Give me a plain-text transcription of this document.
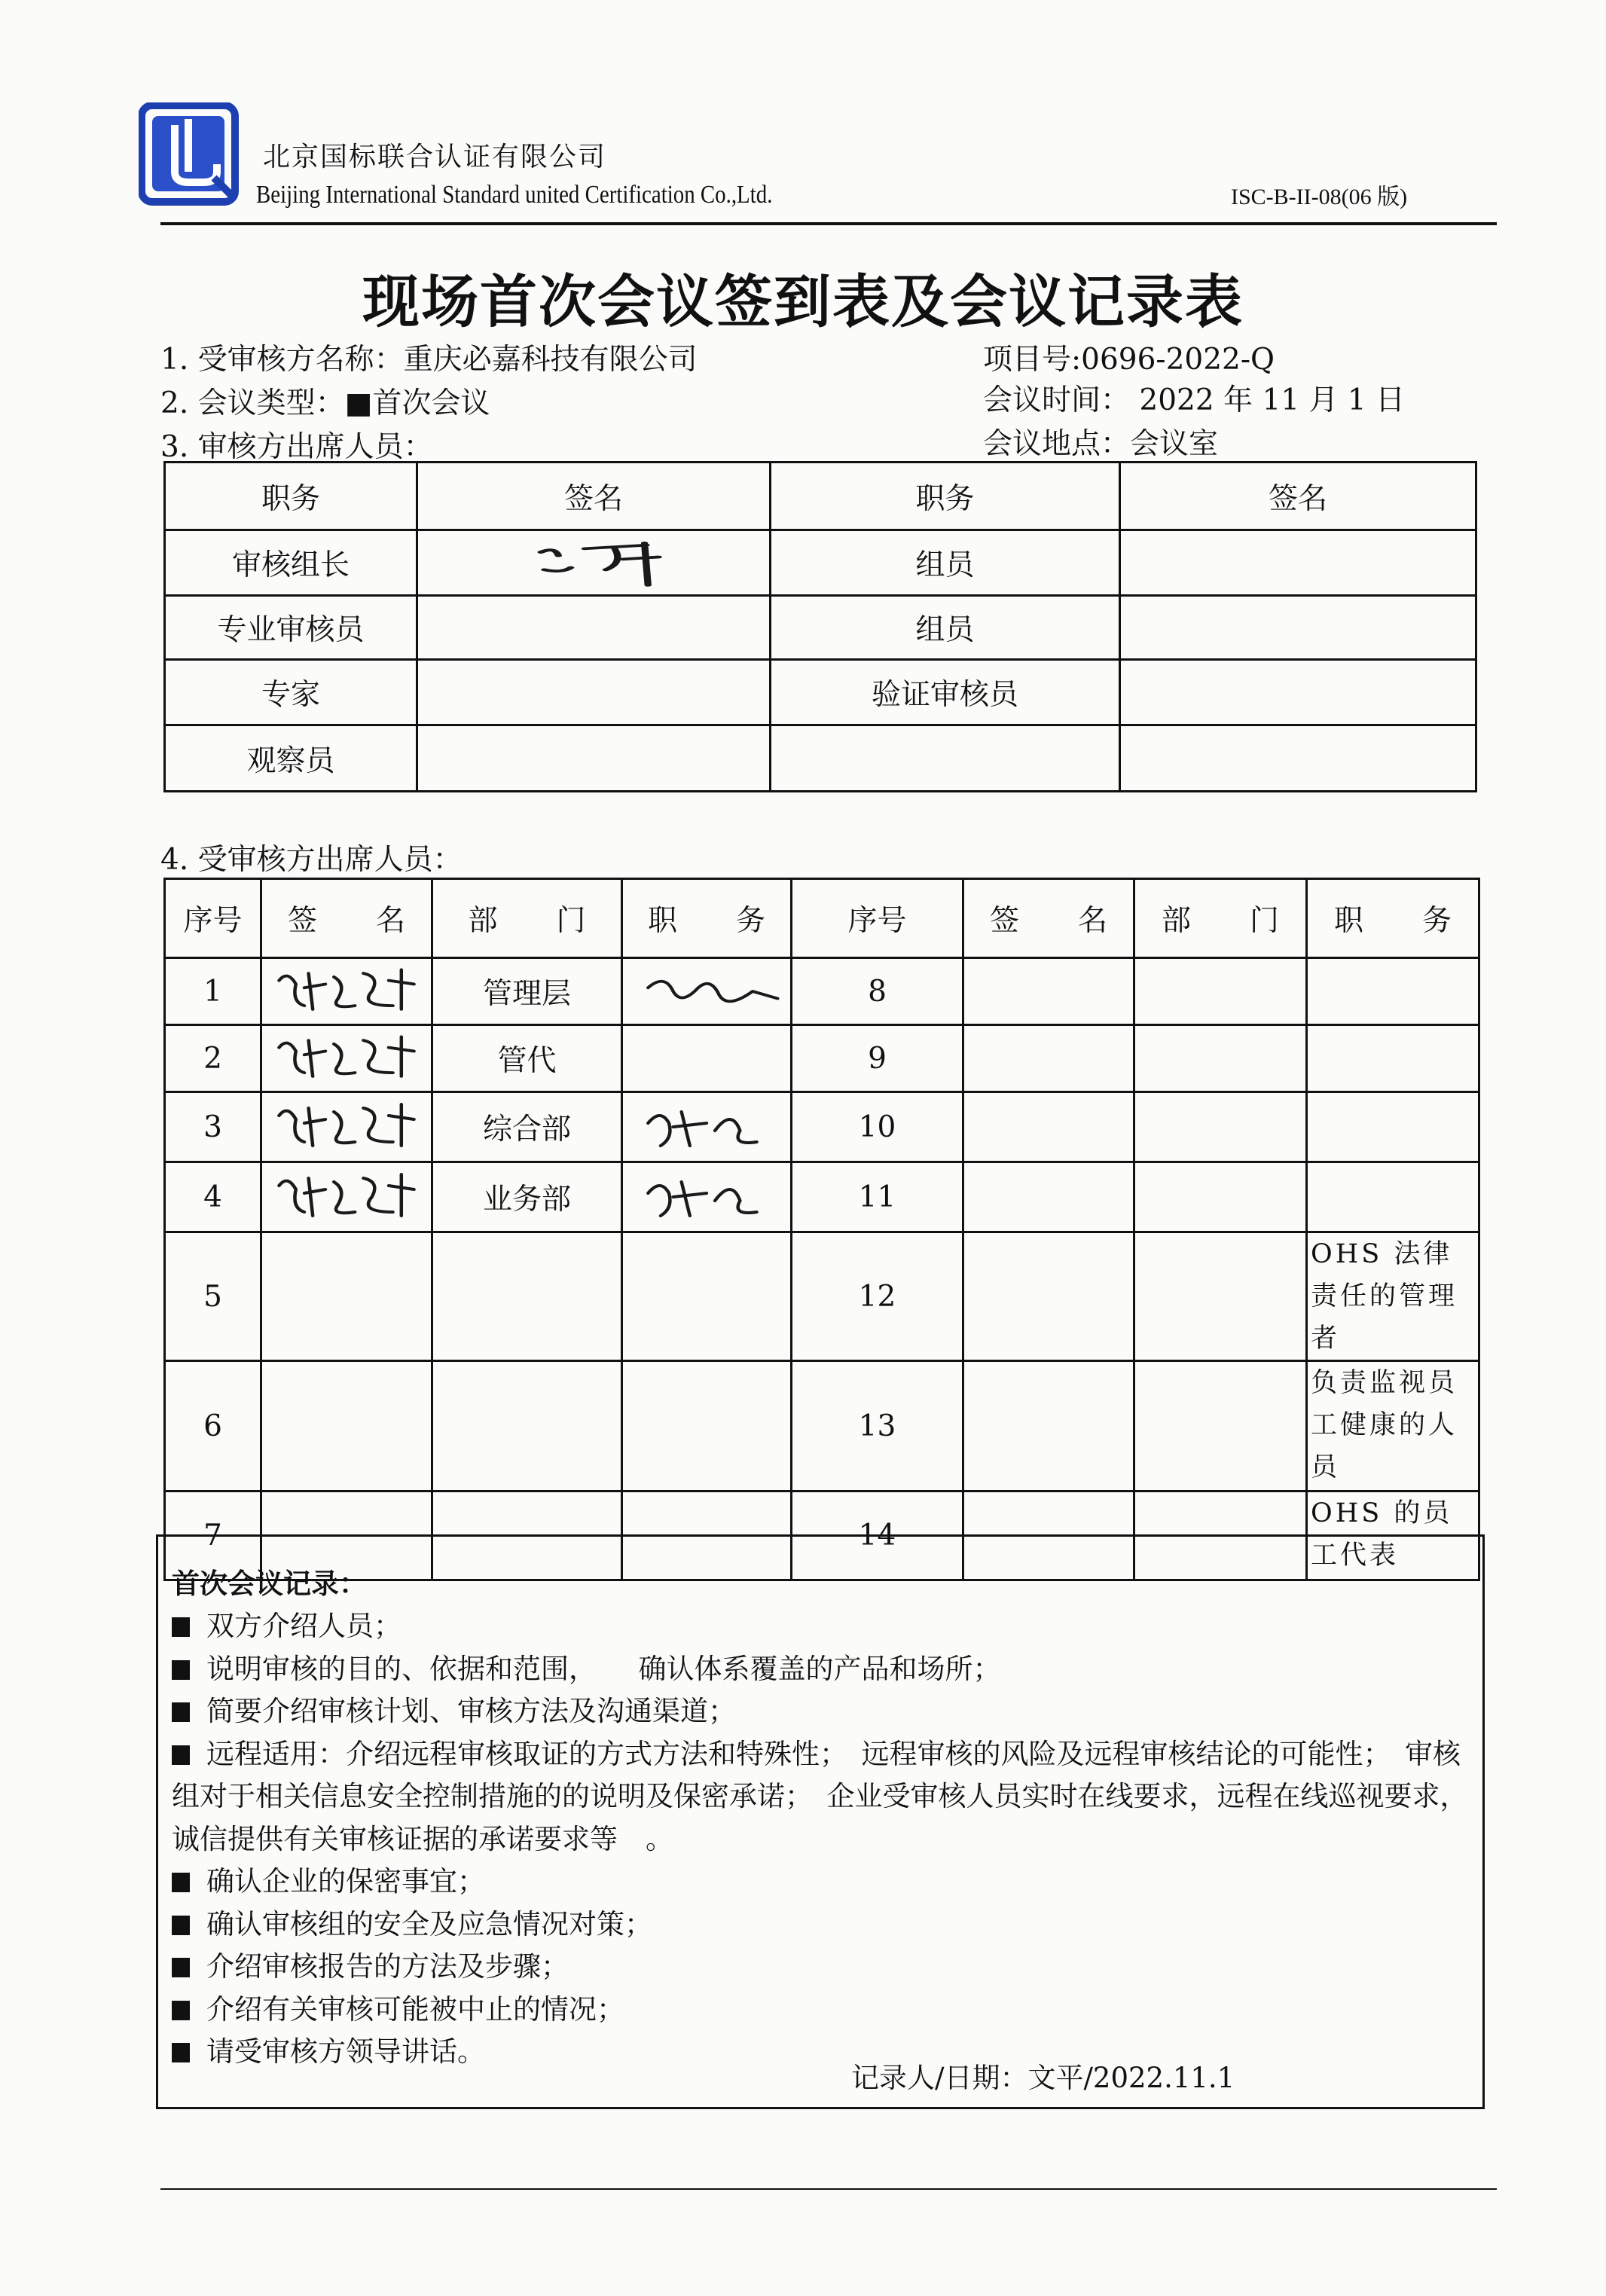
北京国标联合认证有限公司
Beijing International Standard united Certification Co.,Ltd.	ISC-B-II-08(06 版)
现场首次会议签到表及会议记录表
1. 受审核方名称：重庆必嘉科技有限公司
2. 会议类型：■首次会议
3. 审核方出席人员：
项目号:0696-2022-Q
会议时间： 2022 年 11 月 1 日
会议地点：会议室
职务	签名	职务	签名
审核组长		组员	
专业审核员		组员	
专家		验证审核员	
观察员			
4. 受审核方出席人员：
序号	签　　名	部　　门	职　　务	序号	签　　名	部　　门	职　　务
1		管理层		8			
2		管代		9			
3		综合部		10			
4		业务部		11			
5				12			OHS 法律责任的管理者
6				13			负责监视员工健康的人员
7				14			OHS 的员工代表
首次会议记录：
记录人/日期：文平/2022.11.1
双方介绍人员；
说明审核的目的、依据和范围，　　确认体系覆盖的产品和场所；
简要介绍审核计划、审核方法及沟通渠道；
远程适用：介绍远程审核取证的方式方法和特殊性；　远程审核的风险及远程审核结论的可能性；　审核
组对于相关信息安全控制措施的的说明及保密承诺；　企业受审核人员实时在线要求，远程在线巡视要求，
诚信提供有关审核证据的承诺要求等　。
确认企业的保密事宜；
确认审核组的安全及应急情况对策；
介绍审核报告的方法及步骤；
介绍有关审核可能被中止的情况；
请受审核方领导讲话。
